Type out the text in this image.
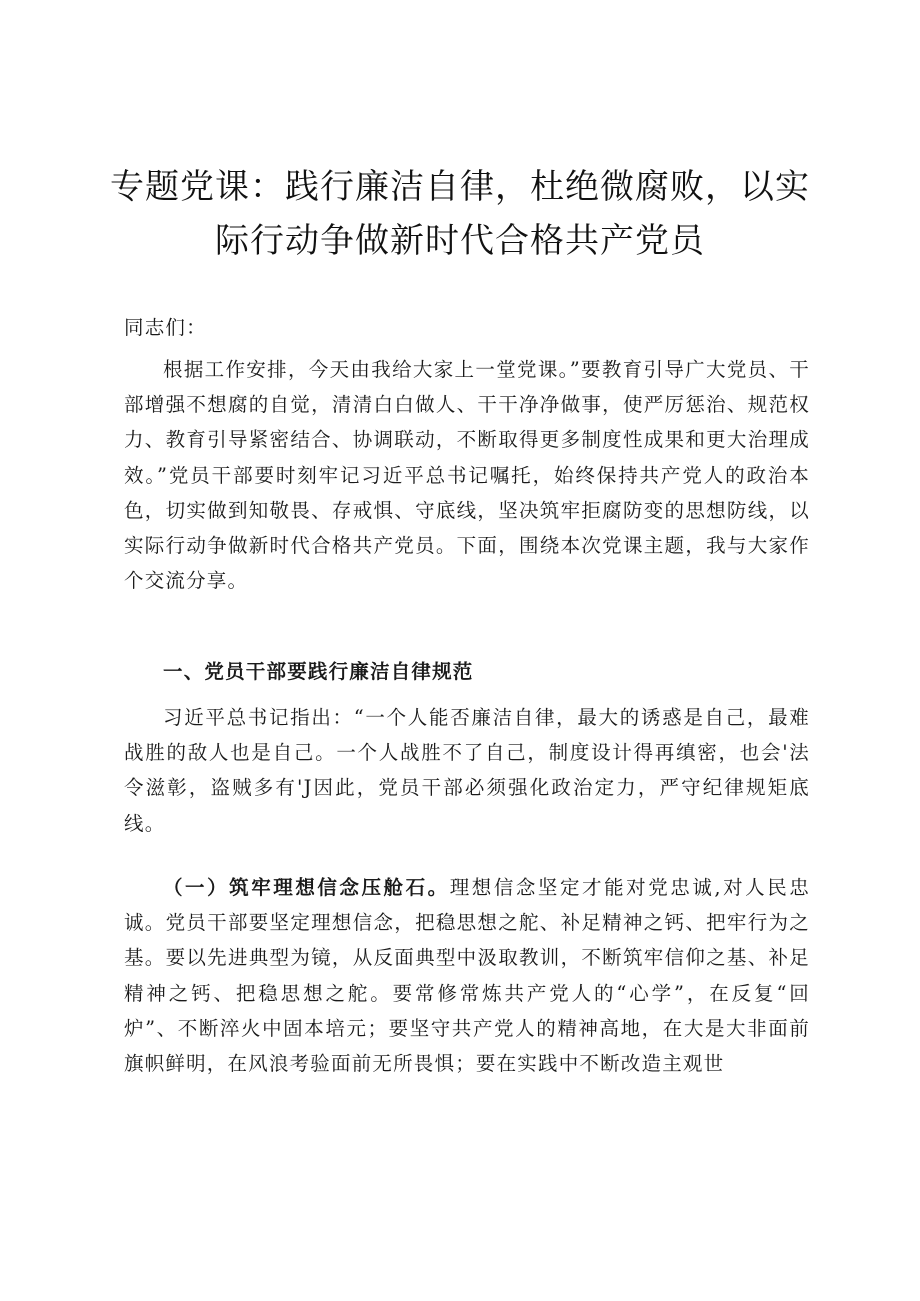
专题党课：践行廉洁自律，杜绝微腐败，以实
际行动争做新时代合格共产党员

同志们：

根据工作安排，今天由我给大家上一堂党课。”要教育引导广大党员、干部增强不想腐的自觉，清清白白做人、干干净净做事，使严厉惩治、规范权力、教育引导紧密结合、协调联动，不断取得更多制度性成果和更大治理成效。”党员干部要时刻牢记习近平总书记嘱托，始终保持共产党人的政治本色，切实做到知敬畏、存戒惧、守底线，坚决筑牢拒腐防变的思想防线，以实际行动争做新时代合格共产党员。下面，围绕本次党课主题，我与大家作个交流分享。

一、党员干部要践行廉洁自律规范

习近平总书记指出：“一个人能否廉洁自律，最大的诱惑是自己，最难战胜的敌人也是自己。一个人战胜不了自己，制度设计得再缜密，也会'法令滋彰，盗贼多有'J因此，党员干部必须强化政治定力，严守纪律规矩底线。

（一）筑牢理想信念压舱石。理想信念坚定才能对党忠诚,对人民忠诚。党员干部要坚定理想信念，把稳思想之舵、补足精神之钙、把牢行为之基。要以先进典型为镜，从反面典型中汲取教训，不断筑牢信仰之基、补足精神之钙、把稳思想之舵。要常修常炼共产党人的“心学”，在反复“回炉”、不断淬火中固本培元；要坚守共产党人的精神高地，在大是大非面前旗帜鲜明，在风浪考验面前无所畏惧；要在实践中不断改造主观世
